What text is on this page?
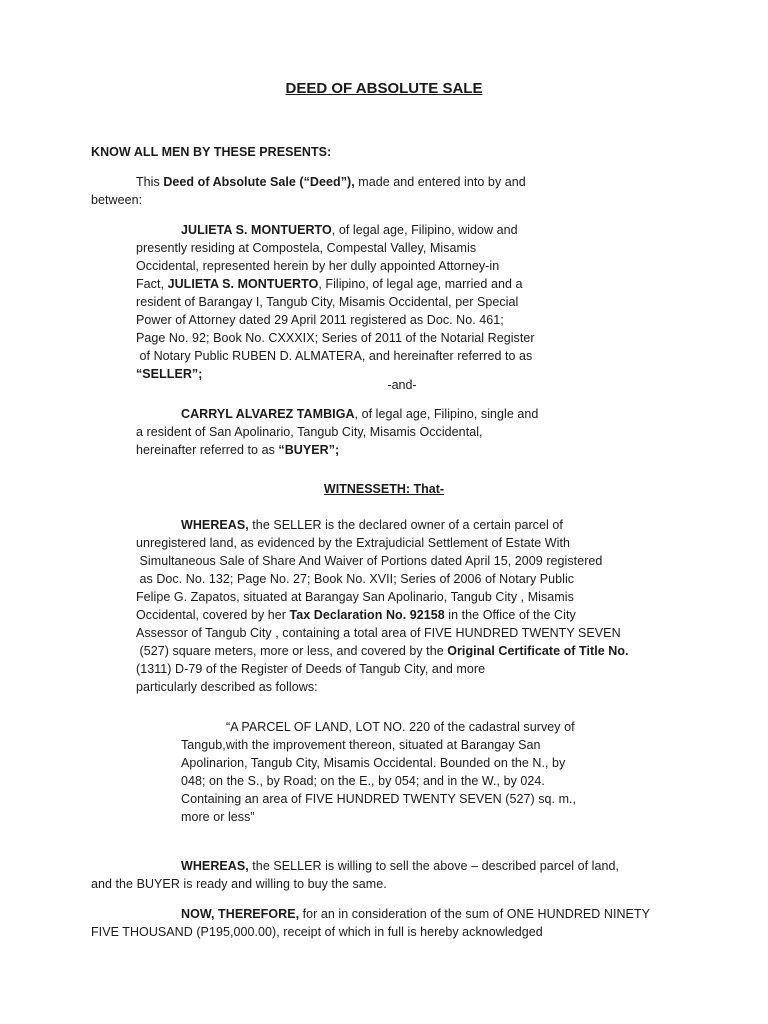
DEED OF ABSOLUTE SALE
KNOW ALL MEN BY THESE PRESENTS:
This Deed of Absolute Sale (“Deed”), made and entered into by and
between:
JULIETA S. MONTUERTO, of legal age, Filipino, widow and
presently residing at Compostela, Compestal Valley, Misamis
Occidental, represented herein by her dully appointed Attorney-in
Fact, JULIETA S. MONTUERTO, Filipino, of legal age, married and a
resident of Barangay I, Tangub City, Misamis Occidental, per Special
Power of Attorney dated 29 April 2011 registered as Doc. No. 461;
Page No. 92; Book No. CXXXIX; Series of 2011 of the Notarial Register
of Notary Public RUBEN D. ALMATERA, and hereinafter referred to as
“SELLER”;
-and-
CARRYL ALVAREZ TAMBIGA, of legal age, Filipino, single and
a resident of San Apolinario, Tangub City, Misamis Occidental,
hereinafter referred to as “BUYER”;
WITNESSETH: That-
WHEREAS, the SELLER is the declared owner of a certain parcel of
unregistered land, as evidenced by the Extrajudicial Settlement of Estate With
Simultaneous Sale of Share And Waiver of Portions dated April 15, 2009 registered
as Doc. No. 132; Page No. 27; Book No. XVII; Series of 2006 of Notary Public
Felipe G. Zapatos, situated at Barangay San Apolinario, Tangub City , Misamis
Occidental, covered by her Tax Declaration No. 92158 in the Office of the City
Assessor of Tangub City , containing a total area of FIVE HUNDRED TWENTY SEVEN
(527) square meters, more or less, and covered by the Original Certificate of Title No.
(1311) D-79 of the Register of Deeds of Tangub City, and more
particularly described as follows:
“A PARCEL OF LAND, LOT NO. 220 of the cadastral survey of
Tangub,with the improvement thereon, situated at Barangay San
Apolinarion, Tangub City, Misamis Occidental. Bounded on the N., by
048; on the S., by Road; on the E., by 054; and in the W., by 024.
Containing an area of FIVE HUNDRED TWENTY SEVEN (527) sq. m.,
more or less”
WHEREAS, the SELLER is willing to sell the above – described parcel of land,
and the BUYER is ready and willing to buy the same.
NOW, THEREFORE, for an in consideration of the sum of ONE HUNDRED NINETY
FIVE THOUSAND (P195,000.00), receipt of which in full is hereby acknowledged
